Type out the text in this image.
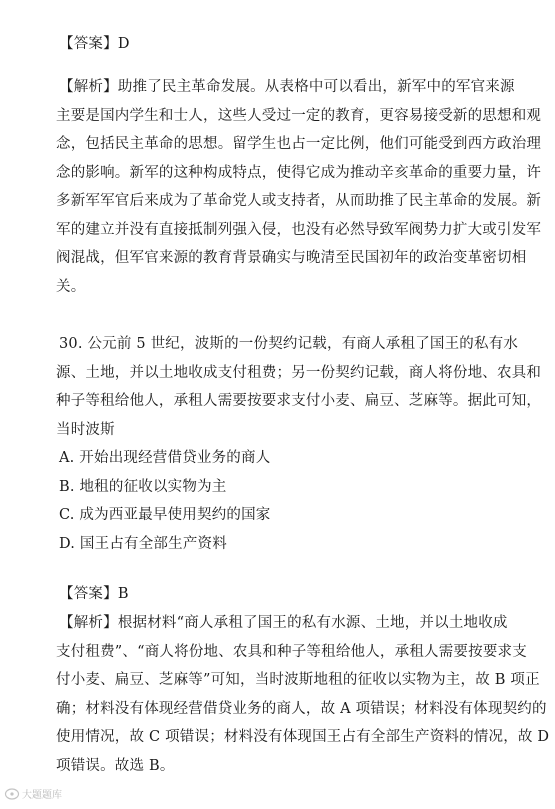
【答案】D
【解析】助推了民主革命发展。从表格中可以看出，新军中的军官来源
主要是国内学生和士人，这些人受过一定的教育，更容易接受新的思想和观
念，包括民主革命的思想。留学生也占一定比例，他们可能受到西方政治理
念的影响。新军的这种构成特点，使得它成为推动辛亥革命的重要力量，许
多新军军官后来成为了革命党人或支持者，从而助推了民主革命的发展。新
军的建立并没有直接抵制列强入侵，也没有必然导致军阀势力扩大或引发军
阀混战，但军官来源的教育背景确实与晚清至民国初年的政治变革密切相
关。
30. 公元前 5 世纪，波斯的一份契约记载，有商人承租了国王的私有水
源、土地，并以土地收成支付租费；另一份契约记载，商人将份地、农具和
种子等租给他人，承租人需要按要求支付小麦、扁豆、芝麻等。据此可知，
当时波斯
A. 开始出现经营借贷业务的商人
B. 地租的征收以实物为主
C. 成为西亚最早使用契约的国家
D. 国王占有全部生产资料
【答案】B
【解析】根据材料“商人承租了国王的私有水源、土地，并以土地收成
支付租费”、“商人将份地、农具和种子等租给他人，承租人需要按要求支
付小麦、扁豆、芝麻等”可知，当时波斯地租的征收以实物为主，故 B 项正
确；材料没有体现经营借贷业务的商人，故 A 项错误；材料没有体现契约的
使用情况，故 C 项错误；材料没有体现国王占有全部生产资料的情况，故 D
项错误。故选 B。
大题题库
